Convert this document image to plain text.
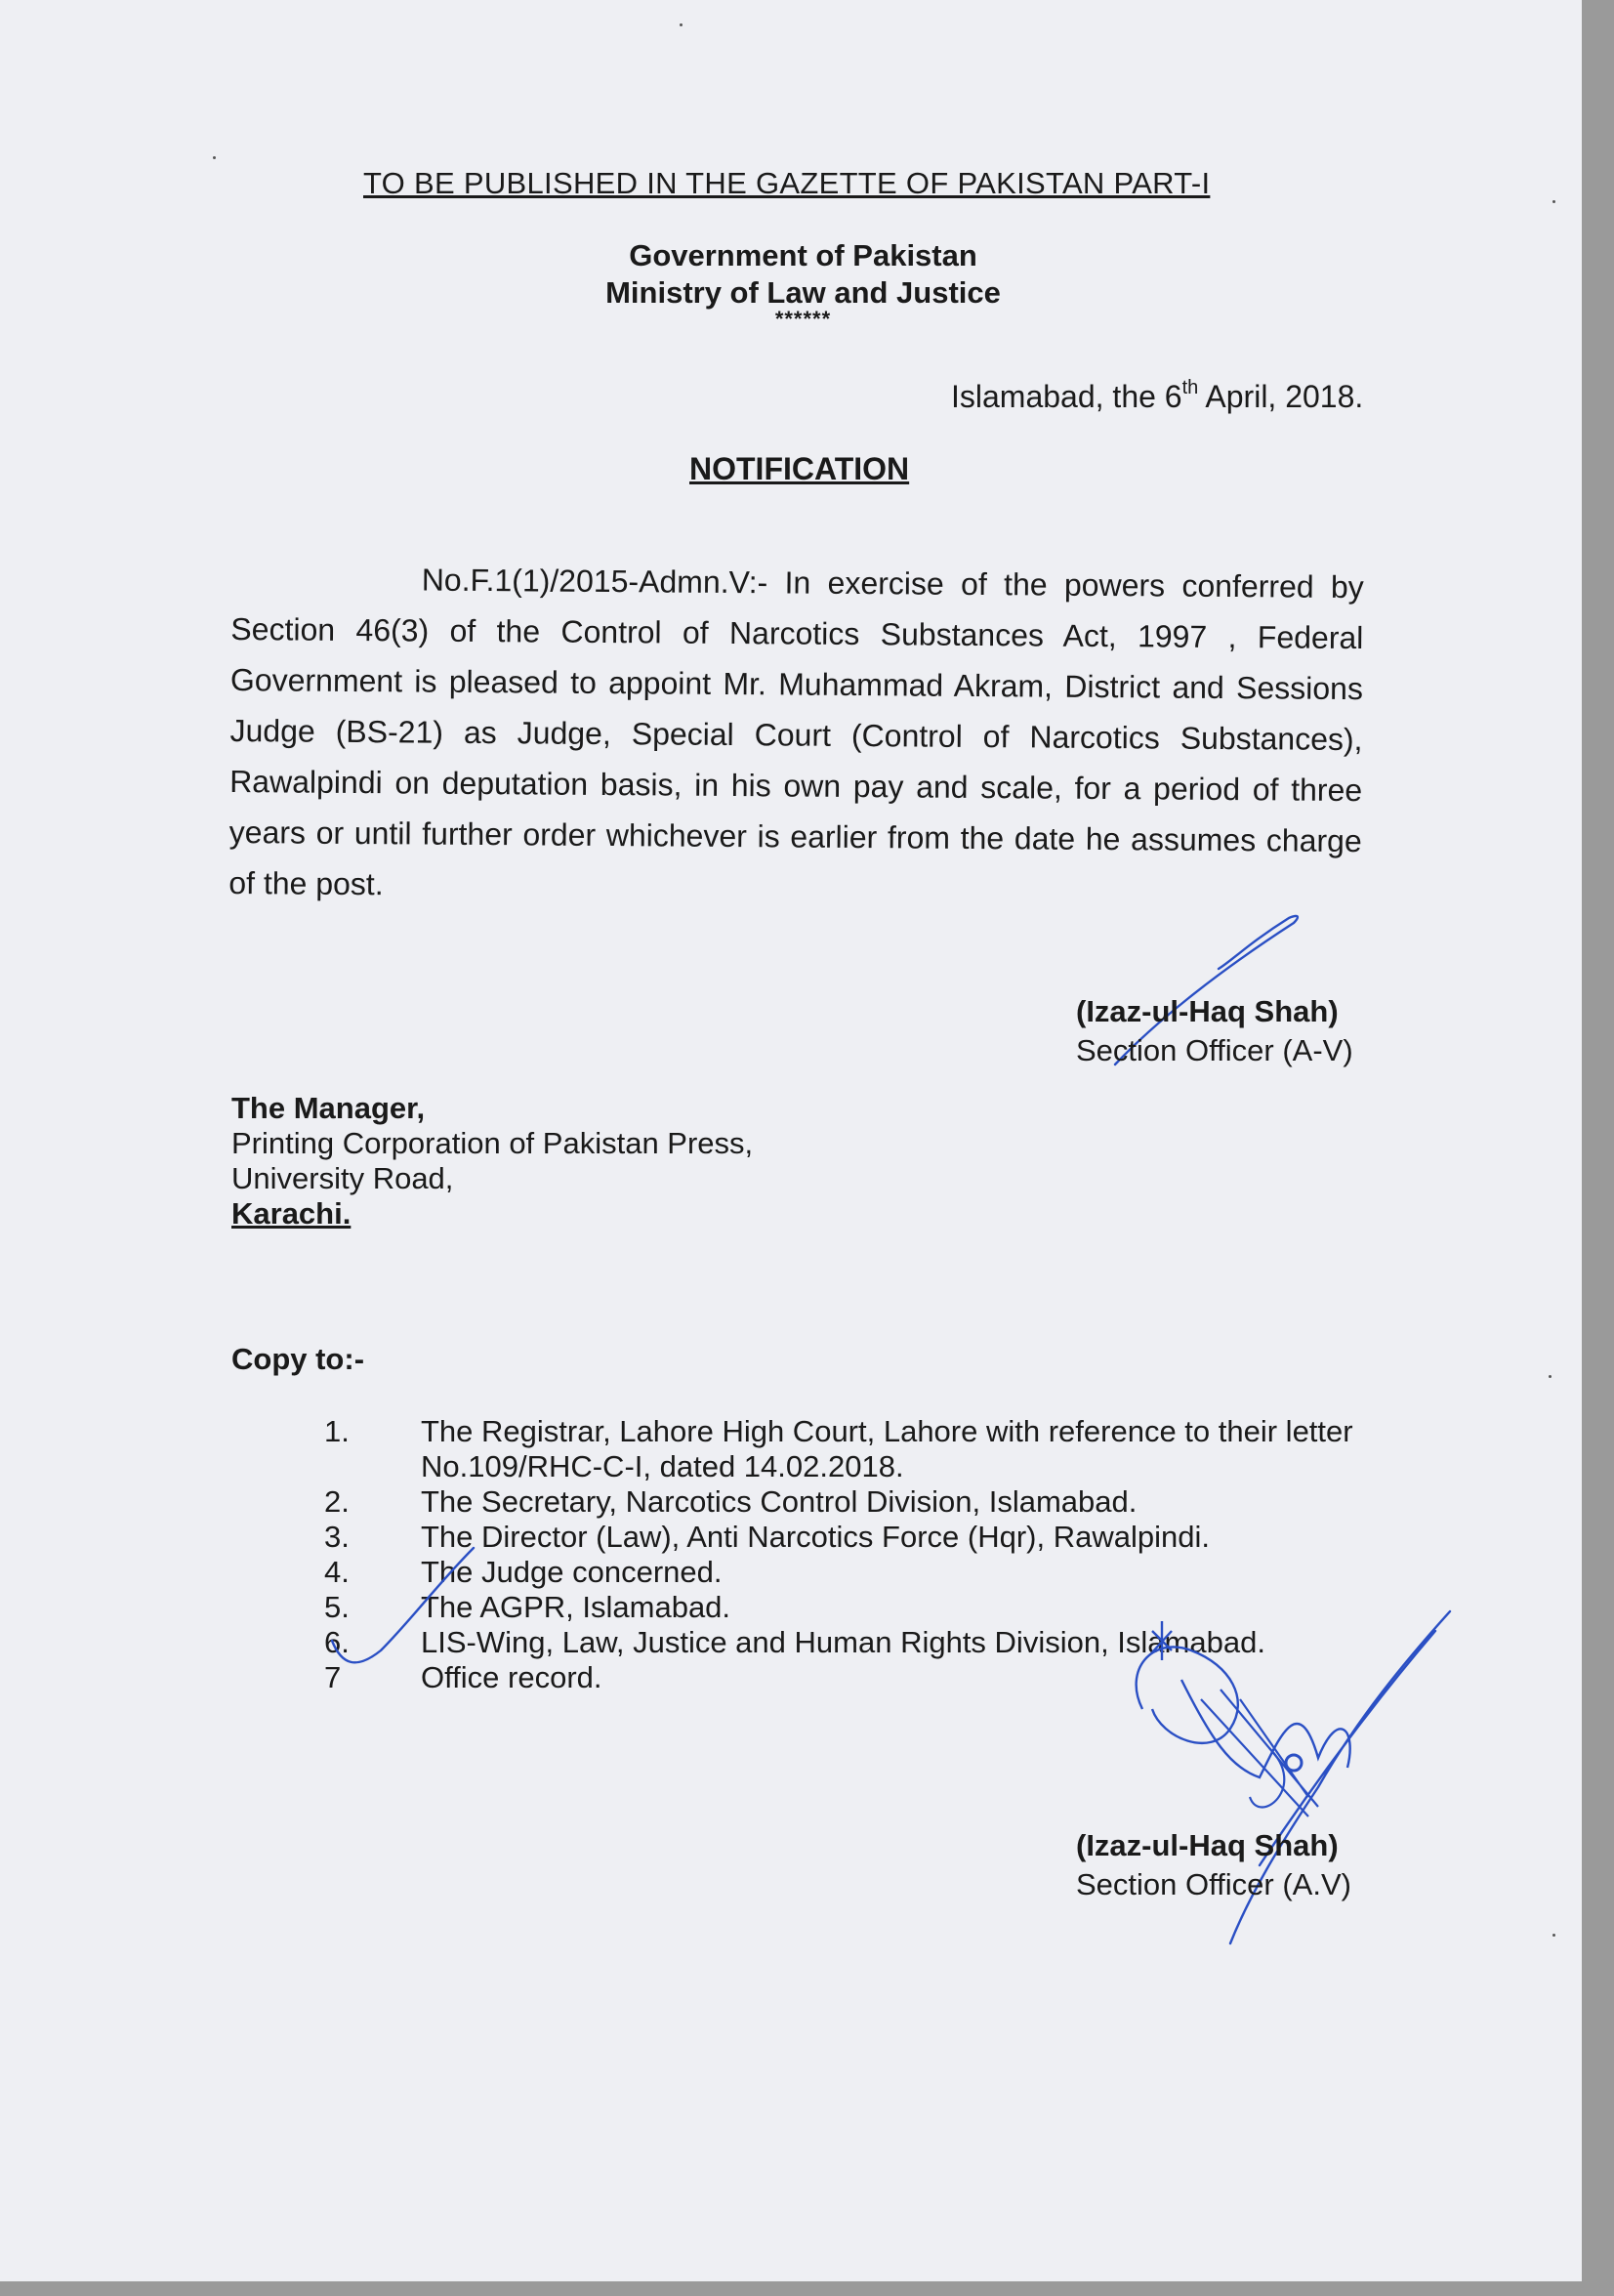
TO BE PUBLISHED IN THE GAZETTE OF PAKISTAN PART-I
Government of Pakistan
Ministry of Law and Justice
******
Islamabad, the 6th April, 2018.
NOTIFICATION
No.F.1(1)/2015-Admn.V:- In exercise of the powers conferred by Section 46(3) of the Control of Narcotics Substances Act, 1997 , Federal Government is pleased to appoint Mr. Muhammad Akram, District and Sessions Judge (BS-21) as Judge, Special Court (Control of Narcotics Substances), Rawalpindi on deputation basis, in his own pay and scale, for a period of three years or until further order whichever is earlier from the date he assumes charge of the post.
(Izaz-ul-Haq Shah)
Section Officer (A-V)
The Manager,
Printing Corporation of Pakistan Press,
University Road,
Karachi.
Copy to:-
1.	The Registrar, Lahore High Court, Lahore with reference to their letter No.109/RHC-C-I, dated 14.02.2018.
2.	The Secretary, Narcotics Control Division, Islamabad.
3.	The Director (Law), Anti Narcotics Force (Hqr), Rawalpindi.
4.	The Judge concerned.
5.	The AGPR, Islamabad.
6.	LIS-Wing, Law, Justice and Human Rights Division, Islamabad.
7	Office record.
(Izaz-ul-Haq Shah)
Section Officer (A.V)
